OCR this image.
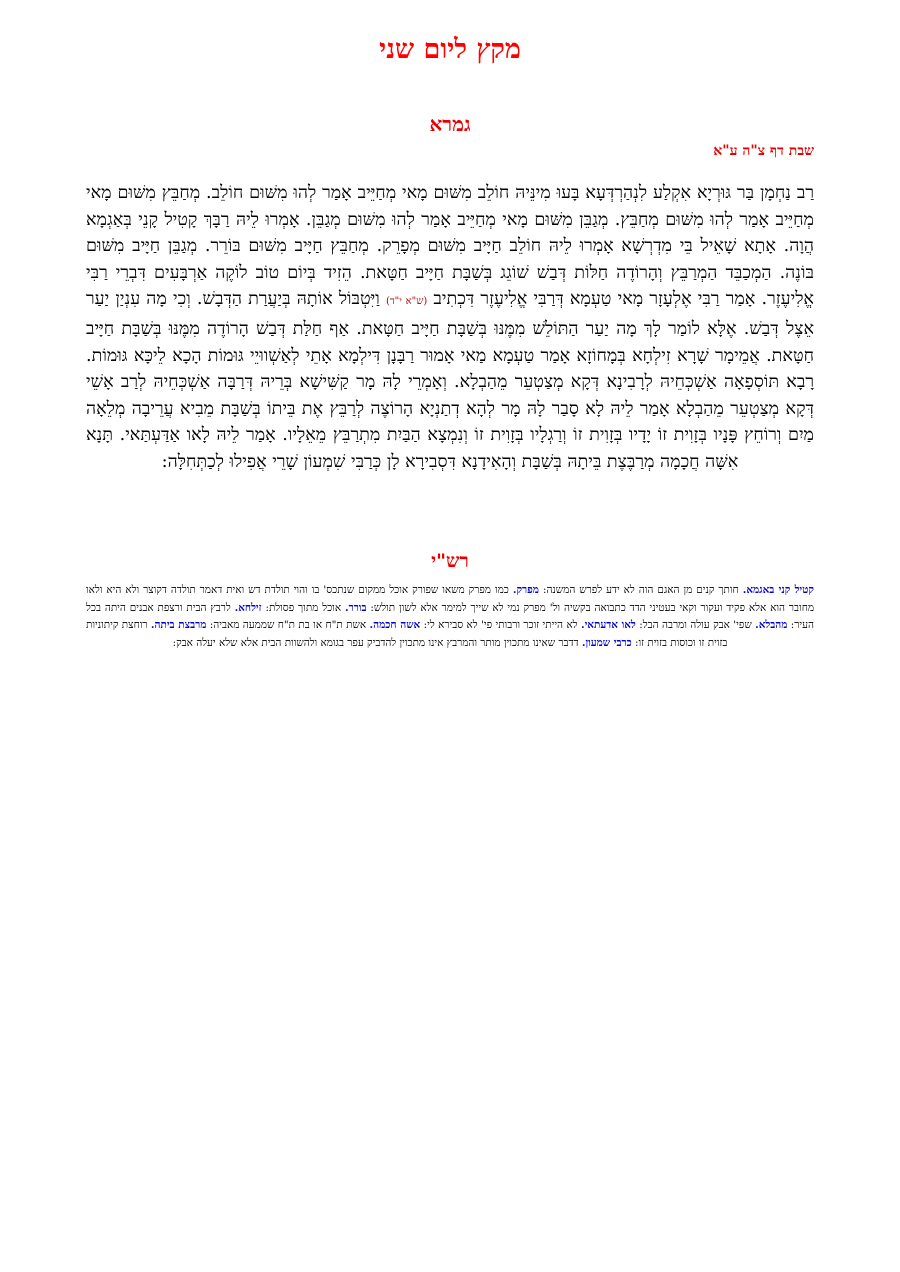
מקץ ליום שני
גמרא
שבת דף צ"ה ע"א

רַב נַחְמָן בַּר גּוּרְיָא אִקְלַע לִנְהַרְדְּעָא בָּעוּ מִינֵּיהּ חוֹלֵב מִשּׁוּם מָאי מְחַיֵּיב אָמַר לְהוּ מִשּׁוּם חוֹלֵב. מְחַבֵּץ מִשּׁוּם מָאי מְחַיֵּיב אָמַר לְהוּ מִשּׁוּם מְחַבֵּץ. מְגַבֵּן מִשּׁוּם מָאי מְחַיֵּיב אָמַר לְהוּ מִשּׁוּם מְגַבֵּן. אָמְרוּ לֵיהּ רַבָּךְ קָטִיל קָנֵי בְּאַגְמָא הֲוָה. אָתָא שָׁאֵיל בֵּי מִדְרְשָׁא אָמְרוּ לֵיהּ חוֹלֵב חַיָּיב מִשּׁוּם מְפָרֵק. מְחַבֵּץ חַיָּיב מִשּׁוּם בּוֹרֵר. מְגַבֵּן חַיָּיב מִשּׁוּם בּוֹנֶה. הַמְכַבֵּד הַמְרַבֵּץ וְהָרוֹדֶה חַלּוֹת דְּבַשׁ שׁוֹגֵג בְּשַׁבָּת חַיָּיב חַטָּאת. הֵזִיד בְּיוֹם טוֹב לוֹקֶה אַרְבָּעִים דִּבְרֵי רַבִּי אֱלִיעֶזֶר. אָמַר רַבִּי אֶלְעָזָר מָאי טַעְמָא דְּרַבִּי אֱלִיעֶזֶר דִּכְתִיב (ש"א י"ד) וַיִּטְבּוֹל אוֹתָהּ בְּיַעֲרַת הַדְּבָשׁ. וְכִי מָה עִנְיַן יַעַר אֵצֶל דְּבַשׁ. אֶלָּא לוֹמַר לָךְ מָה יַעַר הַתּוֹלֵשׁ מִמֶּנּוּ בְּשַׁבָּת חַיָּיב חַטָּאת. אַף חַלַּת דְּבַשׁ הָרוֹדֶה מִמֶּנּוּ בְּשַׁבָּת חַיָּיב חַטָּאת. אֲמֵימָר שָׁרָא זִילְחָא בְּמָחוֹזָא אָמַר טַעְמָא מַאי אָמוּר רַבָּנָן דִּילְמָא אָתֵי לְאַשְׁווּיֵי גּוּמוֹת הָכָא לֵיכָּא גּוּמוֹת. רָבָא תּוֹסְפָאָה אַשְׁכְּחֵיהּ לְרָבִינָא דְּקָא מְצַטְעֵר מֵהַבְלָא. וְאָמְרֵי לָהּ מָר קַשִּׁישָׁא בְּרֵיהּ דְּרַבָּה אַשְׁכְּחֵיהּ לְרַב אָשֵׁי דְּקָא מְצַטְעֵר מֵהַבְלָא אָמַר לֵיהּ לָא סָבַר לָהּ מָר לְהָא דְתַנְיָא הָרוֹצֶה לְרַבֵּץ אֶת בֵּיתוֹ בְּשַׁבָּת מֵבִיא עֲרֵיבָה מְלֵאָה מַיִם וְרוֹחֵץ פָּנָיו בְּזָוִית זוֹ יָדָיו בְּזָוִית זוֹ וְרַגְלָיו בְּזָוִית זוֹ וְנִמְצָא הַבַּיִת מִתְרַבֵּץ מֵאֵלָיו. אָמַר לֵיהּ לָאו אַדַּעְתַּאי. תָּנָא אִשָּׁה חֲכָמָה מְרַבֶּצֶת בֵּיתָהּ בְּשַׁבָּת וְהָאִידָנָא דִּסְבִירָא לָן כְּרַבִּי שִׁמְעוֹן שָׁרֵי אֲפִילוּ לְכַתְּחִלָּה:

רש"י

קטיל קני באגמא. חותך קנים מן האגם הוה לא ידע לפרש המשנה: מפרק. כמו מפרק משאו שפורק אוכל ממקום שנתכס' בו והוי תולדת דש ואית דאמר תולדה דקוצר ולא היא ולאו מחובר הוא אלא פקיד ועקור וקאי בעטיני הדד כתבואה בקשיה ול' מפרק נמי לא שייך למימר אלא לשון תולש: בורר. אוכל מתוך פסולת: זילחא. לרבץ הבית ורצפת אבנים היתה בכל העיר: מהבלא. שפי' אבק עולה ומרבה הבל: לאו אדעתאי. לא הייתי זוכר ורבותי פי' לא סבירא לי: אשה חכמה. אשת ת"ח או בת ת"ח שממעה מאביה: מרבצת ביתה. רוחצת קיתוניות בזוית זו וכוסות בזוית זו: כרבי שמעון. דדבר שאינו מתכוין מותר והמרבץ אינו מתכוין להדביק עפר בגומא ולהשוות הבית אלא שלא יעלה אבק:
